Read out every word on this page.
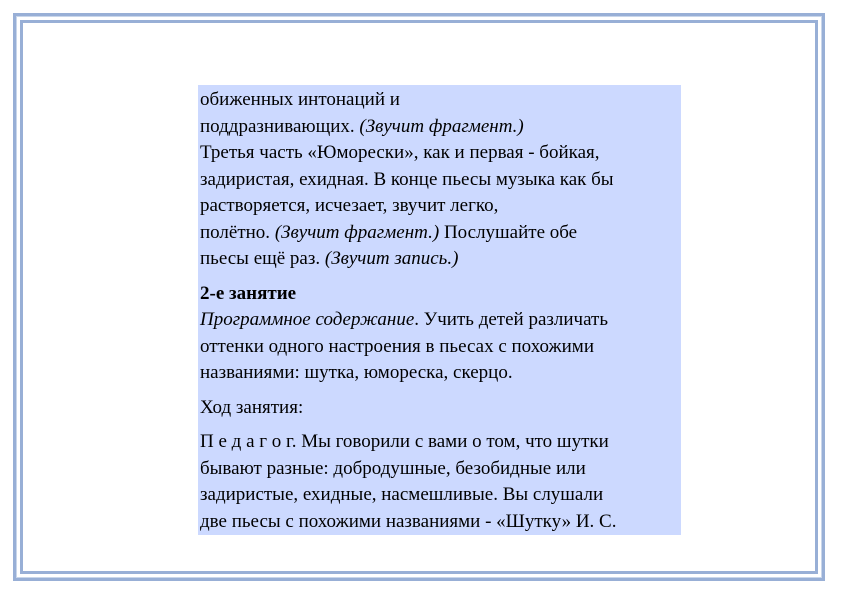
обиженных интонаций и

поддразнивающих. (Звучит фрагмент.)

Третья часть «Юморески», как и первая - бойкая,

задиристая, ехидная. В конце пьесы музыка как бы

растворяется, исчезает, звучит легко,

полётно. (Звучит фрагмент.) Послушайте обе

пьесы ещё раз. (Звучит запись.)

2-е занятие

Программное содержание. Учить детей различать

оттенки одного настроения в пьесах с похожими

названиями: шутка, юмореска, скерцо.

Ход занятия:

П е д а г о г. Мы говорили с вами о том, что шутки

бывают разные: добродушные, безобидные или

задиристые, ехидные, насмешливые. Вы слушали

две пьесы с похожими названиями - «Шутку» И. С.
